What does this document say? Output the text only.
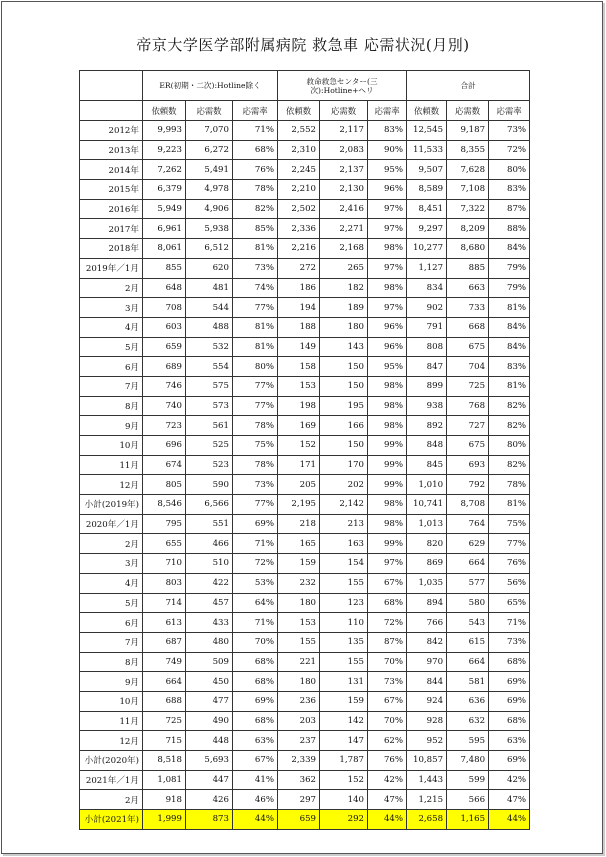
帝京大学医学部附属病院 救急車 応需状況(月別)
	ER(初期・二次):Hotline除く			救命救急センター(三次):Hotline+ヘリ			合計		
	依頼数	応需数	応需率	依頼数	応需数	応需率	依頼数	応需数	応需率
2012年	9,993	7,070	71%	2,552	2,117	83%	12,545	9,187	73%
2013年	9,223	6,272	68%	2,310	2,083	90%	11,533	8,355	72%
2014年	7,262	5,491	76%	2,245	2,137	95%	9,507	7,628	80%
2015年	6,379	4,978	78%	2,210	2,130	96%	8,589	7,108	83%
2016年	5,949	4,906	82%	2,502	2,416	97%	8,451	7,322	87%
2017年	6,961	5,938	85%	2,336	2,271	97%	9,297	8,209	88%
2018年	8,061	6,512	81%	2,216	2,168	98%	10,277	8,680	84%
2019年／1月	855	620	73%	272	265	97%	1,127	885	79%
2月	648	481	74%	186	182	98%	834	663	79%
3月	708	544	77%	194	189	97%	902	733	81%
4月	603	488	81%	188	180	96%	791	668	84%
5月	659	532	81%	149	143	96%	808	675	84%
6月	689	554	80%	158	150	95%	847	704	83%
7月	746	575	77%	153	150	98%	899	725	81%
8月	740	573	77%	198	195	98%	938	768	82%
9月	723	561	78%	169	166	98%	892	727	82%
10月	696	525	75%	152	150	99%	848	675	80%
11月	674	523	78%	171	170	99%	845	693	82%
12月	805	590	73%	205	202	99%	1,010	792	78%
小計(2019年)	8,546	6,566	77%	2,195	2,142	98%	10,741	8,708	81%
2020年／1月	795	551	69%	218	213	98%	1,013	764	75%
2月	655	466	71%	165	163	99%	820	629	77%
3月	710	510	72%	159	154	97%	869	664	76%
4月	803	422	53%	232	155	67%	1,035	577	56%
5月	714	457	64%	180	123	68%	894	580	65%
6月	613	433	71%	153	110	72%	766	543	71%
7月	687	480	70%	155	135	87%	842	615	73%
8月	749	509	68%	221	155	70%	970	664	68%
9月	664	450	68%	180	131	73%	844	581	69%
10月	688	477	69%	236	159	67%	924	636	69%
11月	725	490	68%	203	142	70%	928	632	68%
12月	715	448	63%	237	147	62%	952	595	63%
小計(2020年)	8,518	5,693	67%	2,339	1,787	76%	10,857	7,480	69%
2021年／1月	1,081	447	41%	362	152	42%	1,443	599	42%
2月	918	426	46%	297	140	47%	1,215	566	47%
小計(2021年)	1,999	873	44%	659	292	44%	2,658	1,165	44%
